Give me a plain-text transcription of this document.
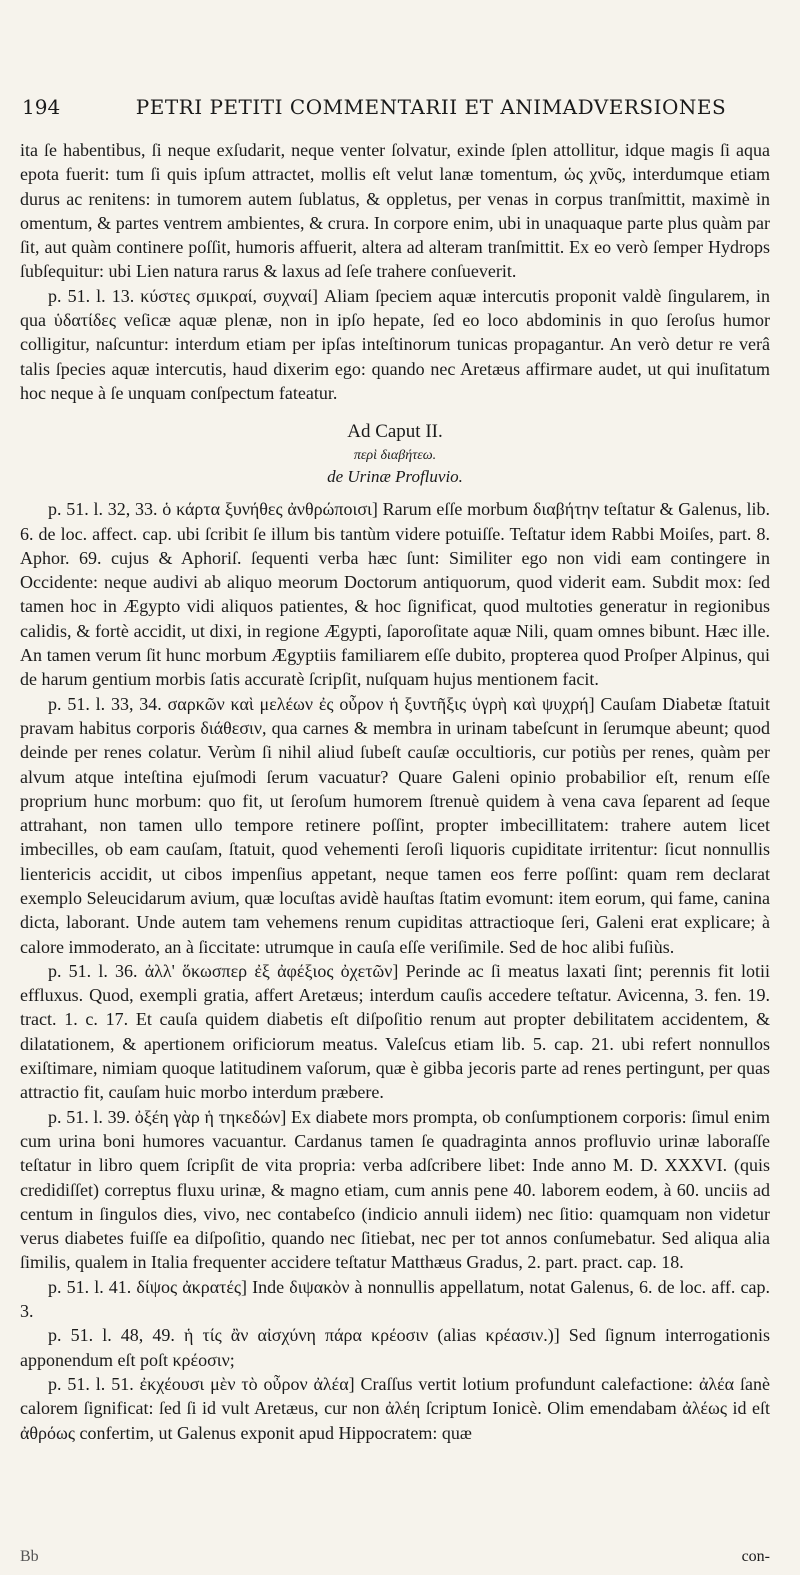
194	PETRI PETITI COMMENTARII ET ANIMADVERSIONES

ita ſe habentibus, ſi neque exſudarit, neque venter ſolvatur, exinde ſplen attollitur, idque magis ſi aqua epota fuerit: tum ſi quis ipſum attractet, mollis eſt velut lanæ tomentum, ὡς χνῦς, interdumque etiam durus ac renitens: in tumorem autem ſublatus, & oppletus, per venas in corpus tranſmittit, maximè in omentum, & partes ventrem ambientes, & crura. In corpore enim, ubi in unaquaque parte plus quàm par ſit, aut quàm continere poſſit, humoris affuerit, altera ad alteram tranſmittit. Ex eo verò ſemper Hydrops ſubſequitur: ubi Lien natura rarus & laxus ad ſeſe trahere conſueverit.

p. 51. l. 13. κύστες σμικραί, συχναί] Aliam ſpeciem aquæ intercutis proponit valdè ſingularem, in qua ὑδατίδες veſicæ aquæ plenæ, non in ipſo hepate, ſed eo loco abdominis in quo ſeroſus humor colligitur, naſcuntur: interdum etiam per ipſas inteſtinorum tunicas propagantur. An verò detur re verâ talis ſpecies aquæ intercutis, haud dixerim ego: quando nec Aretæus affirmare audet, ut qui inuſitatum hoc neque à ſe unquam conſpectum fateatur.

Ad Caput II.
περὶ διαβήτεω.
de Urinæ Profluvio.

p. 51. l. 32, 33. ὁ κάρτα ξυνήθες ἀνθρώποισι] Rarum eſſe morbum διαβήτην teſtatur & Galenus, lib. 6. de loc. affect. cap. ubi ſcribit ſe illum bis tantùm videre potuiſſe. Teſtatur idem Rabbi Moiſes, part. 8. Aphor. 69. cujus & Aphoriſ. ſequenti verba hæc ſunt: Similiter ego non vidi eam contingere in Occidente: neque audivi ab aliquo meorum Doctorum antiquorum, quod viderit eam. Subdit mox: ſed tamen hoc in Ægypto vidi aliquos patientes, & hoc ſignificat, quod multoties generatur in regionibus calidis, & fortè accidit, ut dixi, in regione Ægypti, ſaporoſitate aquæ Nili, quam omnes bibunt. Hæc ille. An tamen verum ſit hunc morbum Ægyptiis familiarem eſſe dubito, propterea quod Proſper Alpinus, qui de harum gentium morbis ſatis accuratè ſcripſit, nuſquam hujus mentionem facit.

p. 51. l. 33, 34. σαρκῶν καὶ μελέων ἐς οὖρον ἡ ξυντῆξις ὑγρὴ καὶ ψυχρή] Cauſam Diabetæ ſtatuit pravam habitus corporis διάθεσιν, qua carnes & membra in urinam tabeſcunt in ſerumque abeunt; quod deinde per renes colatur. Verùm ſi nihil aliud ſubeſt cauſæ occultioris, cur potiùs per renes, quàm per alvum atque inteſtina ejuſmodi ſerum vacuatur? Quare Galeni opinio probabilior eſt, renum eſſe proprium hunc morbum: quo fit, ut ſeroſum humorem ſtrenuè quidem à vena cava ſeparent ad ſeque attrahant, non tamen ullo tempore retinere poſſint, propter imbecillitatem: trahere autem licet imbecilles, ob eam cauſam, ſtatuit, quod vehementi ſeroſi liquoris cupiditate irritentur: ſicut nonnullis lientericis accidit, ut cibos impenſius appetant, neque tamen eos ferre poſſint: quam rem declarat exemplo Seleucidarum avium, quæ locuſtas avidè hauſtas ſtatim evomunt: item eorum, qui fame, canina dicta, laborant. Unde autem tam vehemens renum cupiditas attractioque ſeri, Galeni erat explicare; à calore immoderato, an à ſiccitate: utrumque in cauſa eſſe veriſimile. Sed de hoc alibi fuſiùs.

p. 51. l. 36. ἀλλ' ὅκωσπερ ἐξ ἀφέξιος ὀχετῶν] Perinde ac ſi meatus laxati ſint; perennis fit lotii effluxus. Quod, exempli gratia, affert Aretæus; interdum cauſis accedere teſtatur. Avicenna, 3. fen. 19. tract. 1. c. 17. Et cauſa quidem diabetis eſt diſpoſitio renum aut propter debilitatem accidentem, & dilatationem, & apertionem orificiorum meatus. Valeſcus etiam lib. 5. cap. 21. ubi refert nonnullos exiſtimare, nimiam quoque latitudinem vaſorum, quæ è gibba jecoris parte ad renes pertingunt, per quas attractio fit, cauſam huic morbo interdum præbere.

p. 51. l. 39. ὀξέη γὰρ ἡ τηκεδών] Ex diabete mors prompta, ob conſumptionem corporis: ſimul enim cum urina boni humores vacuantur. Cardanus tamen ſe quadraginta annos profluvio urinæ laboraſſe teſtatur in libro quem ſcripſit de vita propria: verba adſcribere libet: Inde anno M. D. XXXVI. (quis credidiſſet) correptus fluxu urinæ, & magno etiam, cum annis pene 40. laborem eodem, à 60. unciis ad centum in ſingulos dies, vivo, nec contabeſco (indicio annuli iidem) nec ſitio: quamquam non videtur verus diabetes fuiſſe ea diſpoſitio, quando nec ſitiebat, nec per tot annos conſumebatur. Sed aliqua alia ſimilis, qualem in Italia frequenter accidere teſtatur Matthæus Gradus, 2. part. pract. cap. 18.

p. 51. l. 41. δίψος ἀκρατές] Inde διψακὸν à nonnullis appellatum, notat Galenus, 6. de loc. aff. cap. 3.

p. 51. l. 48, 49. ἡ τίς ἂν αἰσχύνη πάρα κρέοσιν (alias κρέασιν.)] Sed ſignum interrogationis apponendum eſt poſt κρέοσιν;

p. 51. l. 51. ἐκχέουσι μὲν τὸ οὖρον ἀλέα] Craſſus vertit lotium profundunt calefactione: ἀλέα ſanè calorem ſignificat: ſed ſi id vult Aretæus, cur non ἀλέη ſcriptum Ionicè. Olim emendabam ἀλέως id eſt ἀθρόως confertim, ut Galenus exponit apud Hippocratem: quæ

Bb	con-
